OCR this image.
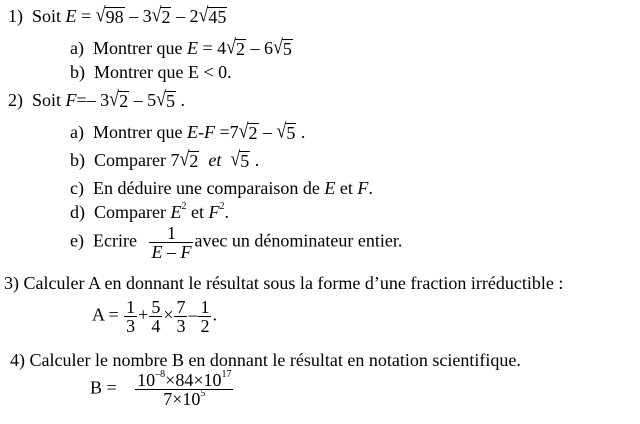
1) Soit E = √ 98 – 3 √ 2 – 2 √ 45
a) Montrer que E = 4 √ 2 – 6 √ 5
b) Montrer que E < 0.
2) Soit F=– 3 √ 2 – 5 √ 5 .
a) Montrer que E-F =7 √ 2 – √ 5 .
b) Comparer 7 √ 2 et √ 5 .
c) En déduire une comparaison de E et F.
d) Comparer $E^2$ et $F^2$.
e) Ecrire $\frac{1}{E - F}$ avec un dénominateur entier.
3) Calculer A en donnant le résultat sous la forme d’une fraction irréductible :
$A = \frac{1}{3} + \frac{5}{4} \times \frac{7}{3} - \frac{1}{2}$ .
4) Calculer le nombre B en donnant le résultat en notation scientifique.
$B = \frac{10^{-8}\times 84\times 10^{17}}{7\times 10^5}$
